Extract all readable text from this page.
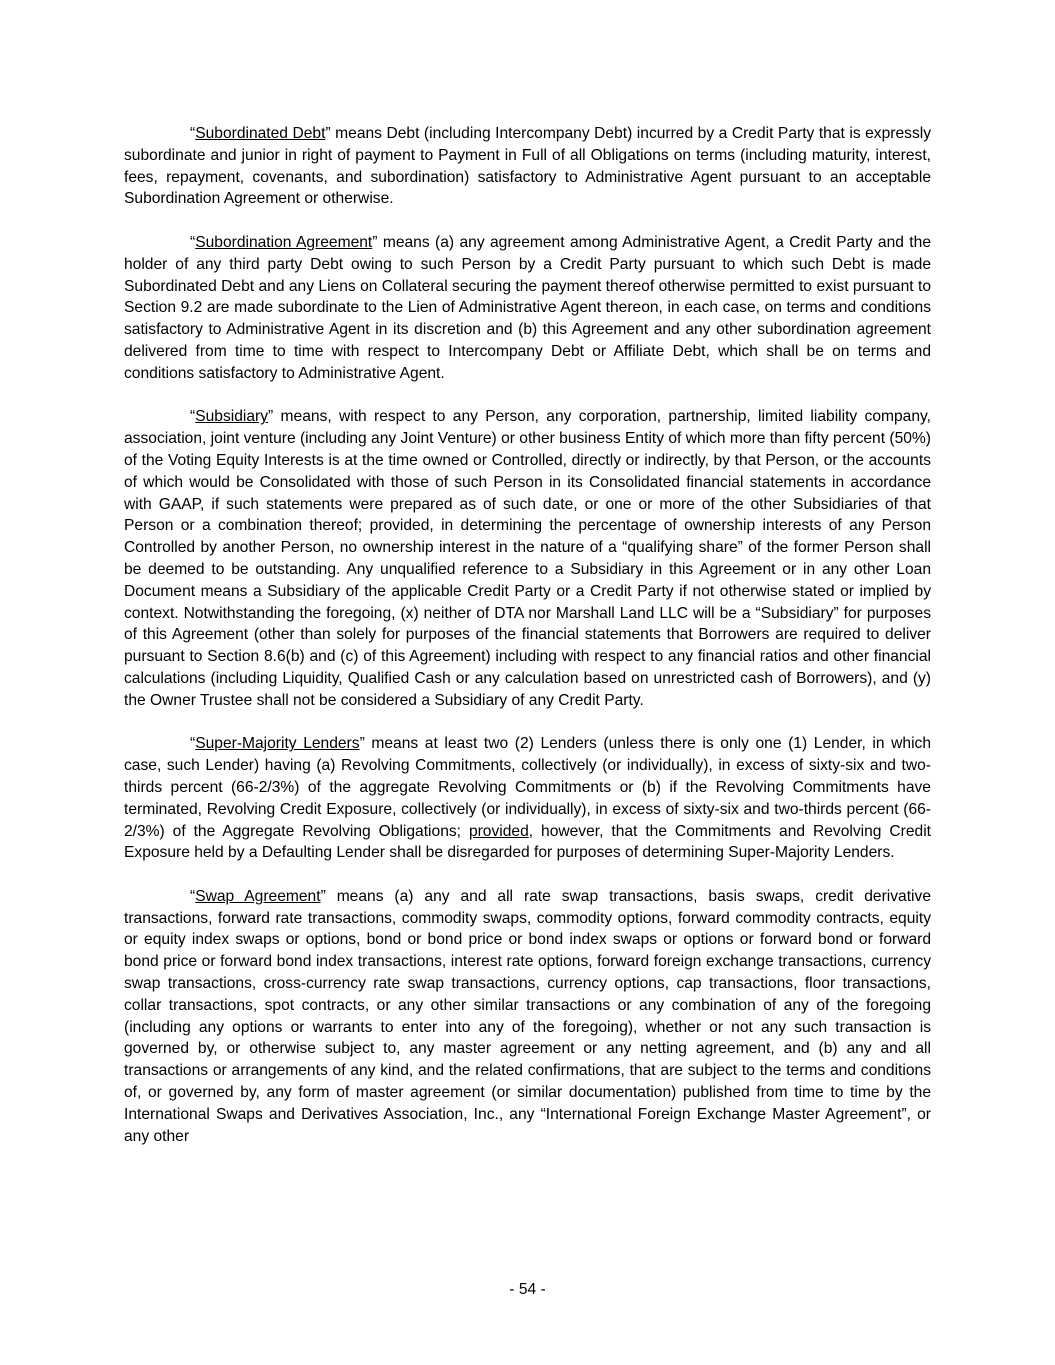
“Subordinated Debt” means Debt (including Intercompany Debt) incurred by a Credit Party that is expressly subordinate and junior in right of payment to Payment in Full of all Obligations on terms (including maturity, interest, fees, repayment, covenants, and subordination) satisfactory to Administrative Agent pursuant to an acceptable Subordination Agreement or otherwise.

“Subordination Agreement” means (a) any agreement among Administrative Agent, a Credit Party and the holder of any third party Debt owing to such Person by a Credit Party pursuant to which such Debt is made Subordinated Debt and any Liens on Collateral securing the payment thereof otherwise permitted to exist pursuant to Section 9.2 are made subordinate to the Lien of Administrative Agent thereon, in each case, on terms and conditions satisfactory to Administrative Agent in its discretion and (b) this Agreement and any other subordination agreement delivered from time to time with respect to Intercompany Debt or Affiliate Debt, which shall be on terms and conditions satisfactory to Administrative Agent.

“Subsidiary” means, with respect to any Person, any corporation, partnership, limited liability company, association, joint venture (including any Joint Venture) or other business Entity of which more than fifty percent (50%) of the Voting Equity Interests is at the time owned or Controlled, directly or indirectly, by that Person, or the accounts of which would be Consolidated with those of such Person in its Consolidated financial statements in accordance with GAAP, if such statements were prepared as of such date, or one or more of the other Subsidiaries of that Person or a combination thereof; provided, in determining the percentage of ownership interests of any Person Controlled by another Person, no ownership interest in the nature of a “qualifying share” of the former Person shall be deemed to be outstanding. Any unqualified reference to a Subsidiary in this Agreement or in any other Loan Document means a Subsidiary of the applicable Credit Party or a Credit Party if not otherwise stated or implied by context. Notwithstanding the foregoing, (x) neither of DTA nor Marshall Land LLC will be a “Subsidiary” for purposes of this Agreement (other than solely for purposes of the financial statements that Borrowers are required to deliver pursuant to Section 8.6(b) and (c) of this Agreement) including with respect to any financial ratios and other financial calculations (including Liquidity, Qualified Cash or any calculation based on unrestricted cash of Borrowers), and (y) the Owner Trustee shall not be considered a Subsidiary of any Credit Party.

“Super-Majority Lenders” means at least two (2) Lenders (unless there is only one (1) Lender, in which case, such Lender) having (a) Revolving Commitments, collectively (or individually), in excess of sixty-six and two-thirds percent (66-2/3%) of the aggregate Revolving Commitments or (b) if the Revolving Commitments have terminated, Revolving Credit Exposure, collectively (or individually), in excess of sixty-six and two-thirds percent (66-2/3%) of the Aggregate Revolving Obligations; provided, however, that the Commitments and Revolving Credit Exposure held by a Defaulting Lender shall be disregarded for purposes of determining Super-Majority Lenders.

“Swap Agreement” means (a) any and all rate swap transactions, basis swaps, credit derivative transactions, forward rate transactions, commodity swaps, commodity options, forward commodity contracts, equity or equity index swaps or options, bond or bond price or bond index swaps or options or forward bond or forward bond price or forward bond index transactions, interest rate options, forward foreign exchange transactions, currency swap transactions, cross-currency rate swap transactions, currency options, cap transactions, floor transactions, collar transactions, spot contracts, or any other similar transactions or any combination of any of the foregoing (including any options or warrants to enter into any of the foregoing), whether or not any such transaction is governed by, or otherwise subject to, any master agreement or any netting agreement, and (b) any and all transactions or arrangements of any kind, and the related confirmations, that are subject to the terms and conditions of, or governed by, any form of master agreement (or similar documentation) published from time to time by the International Swaps and Derivatives Association, Inc., any “International Foreign Exchange Master Agreement”, or any other

- 54 -
